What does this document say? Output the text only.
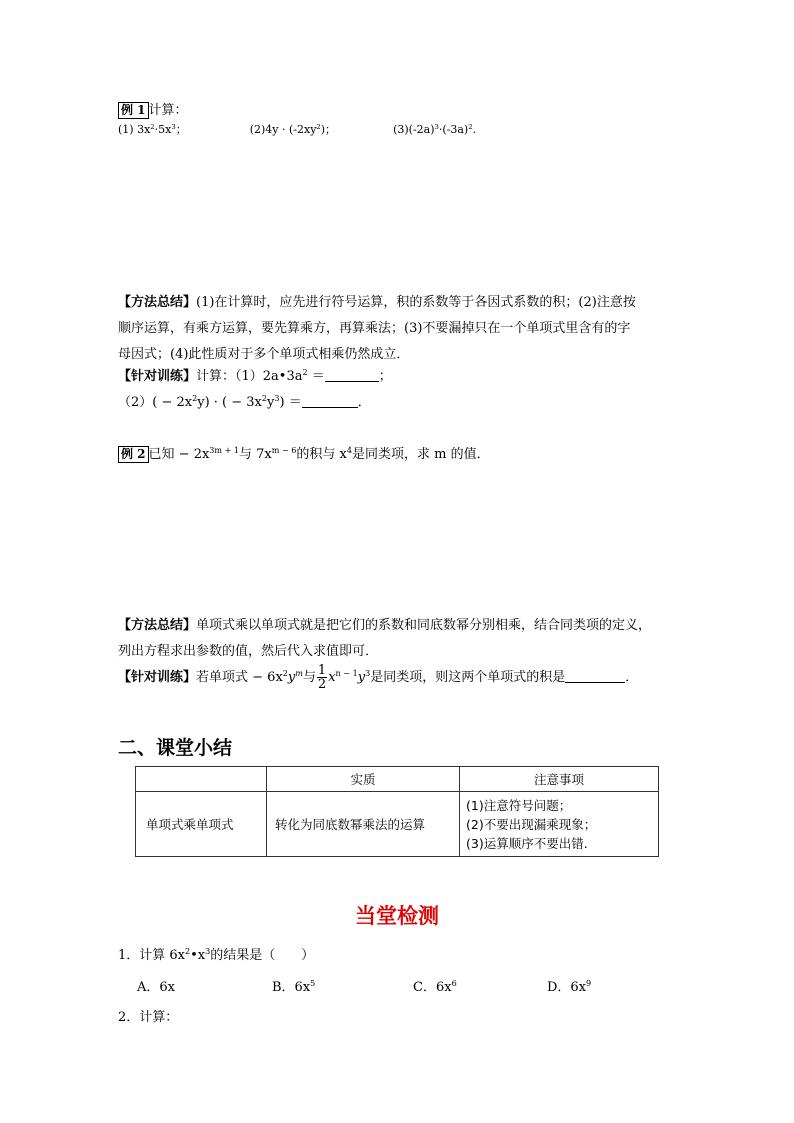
例 1 计算：
(1) $3x^2\cdot 5x^3$；	$(2)4y \cdot (-2xy^2)$；	$(3)(-2a)^3\cdot(-3a)^2$.
【方法总结】(1)在计算时，应先进行符号运算，积的系数等于各因式系数的积；(2)注意按
顺序运算，有乘方运算，要先算乘方，再算乘法；(3)不要漏掉只在一个单项式里含有的字
母因式；(4)此性质对于多个单项式相乘仍然成立．
【针对训练】计算：$(1)2a•3a^2$ ＝	；
$(2)( - 2x^2y)$ · ( − $3x^2y^3$) ＝	．
例 2 已知 − $2x^{3m + 1}$与 $7x^{m - 6}$的积与 $x^4$是同类项，求 m 的值．
【方法总结】单项式乘以单项式就是把它们的系数和同底数幂分别相乘，结合同类项的定义，
列出方程求出参数的值，然后代入求值即可．
【针对训练】若单项式 − $6x^2y^m$与 $\frac{1}{2} x^{n - 1}y^3$是同类项，则这两个单项式的积是	．
二、课堂小结
	实质	注意事项
单项式乘单项式	转化为同底数幂乘法的运算	(1)注意符号问题；
(2)不要出现漏乘现象；
(3)运算顺序不要出错.
当堂检测
1．计算 $6x^2•x^3$的结果是（　　）
A．6x	B．$6x^5$	C．$6x^6$	D．$6x^9$
2．计算：
